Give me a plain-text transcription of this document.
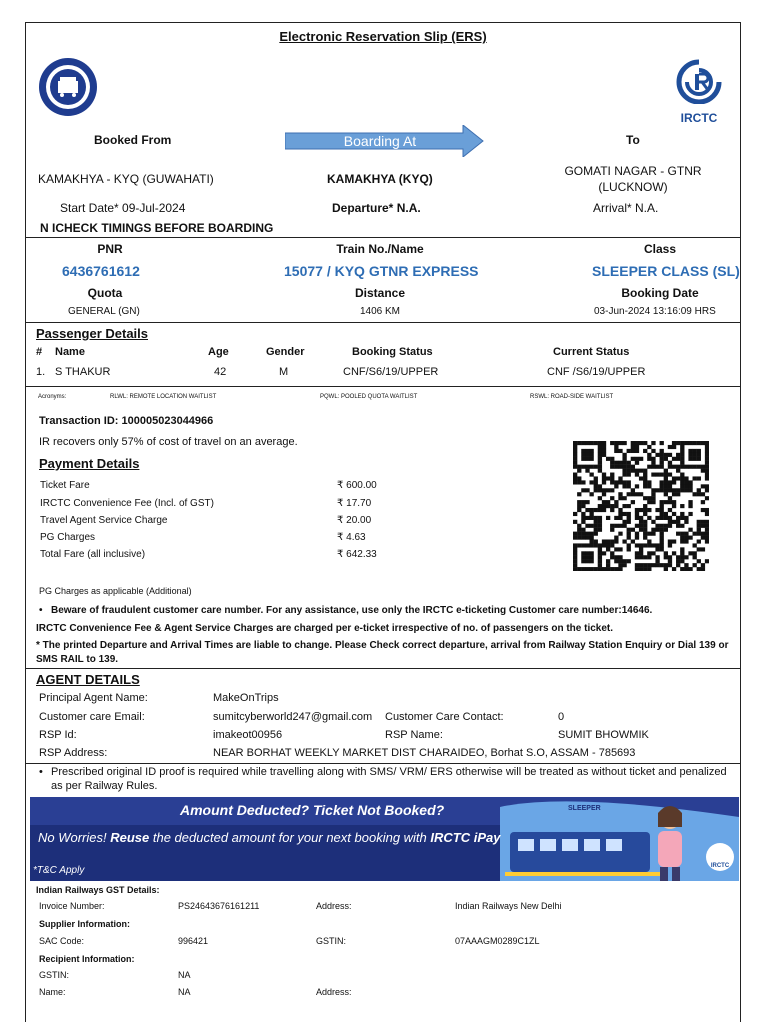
Electronic Reservation Slip (ERS)
IRCTC
Booked From	Boarding At	To
KAMAKHYA - KYQ (GUWAHATI)	KAMAKHYA (KYQ)
GOMATI NAGAR - GTNR (LUCKNOW)
Start Date* 09-Jul-2024	Departure* N.A.	Arrival* N.A.
N ICHECK TIMINGS BEFORE BOARDING
PNR	Train No./Name	Class
6436761612	15077 / KYQ GTNR EXPRESS	SLEEPER CLASS (SL)
Quota	Distance	Booking Date
GENERAL (GN)	1406 KM	03-Jun-2024 13:16:09 HRS
Passenger Details
# Name	Age	Gender	Booking Status	Current Status
1. S THAKUR	42	M	CNF/S6/19/UPPER	CNF /S6/19/UPPER
Acronyms:	RLWL: REMOTE LOCATION WAITLIST	PQWL: POOLED QUOTA WAITLIST	RSWL: ROAD-SIDE WAITLIST
Transaction ID: 100005023044966
IR recovers only 57% of cost of travel on an average.
Payment Details
Ticket Fare	₹ 600.00
IRCTC Convenience Fee (Incl. of GST)	₹ 17.70
Travel Agent Service Charge	₹ 20.00
PG Charges	₹ 4.63
Total Fare (all inclusive)	₹ 642.33
PG Charges as applicable (Additional)
• Beware of fraudulent customer care number. For any assistance, use only the IRCTC e-ticketing Customer care number:14646.
IRCTC Convenience Fee & Agent Service Charges are charged per e-ticket irrespective of no. of passengers on the ticket.
* The printed Departure and Arrival Times are liable to change. Please Check correct departure, arrival from Railway Station Enquiry or Dial 139 or SMS RAIL to 139.
AGENT DETAILS
Principal Agent Name:	MakeOnTrips
Customer care Email:	sumitcyberworld247@gmail.com Customer Care Contact:	0
RSP Id:	imakeot00956	RSP Name:	SUMIT BHOWMIK
RSP Address:	NEAR BORHAT WEEKLY MARKET DIST CHARAIDEO, Borhat S.O, ASSAM - 785693
• Prescribed original ID proof is required while travelling along with SMS/ VRM/ ERS otherwise will be treated as without ticket and penalized as per Railway Rules.
Amount Deducted? Ticket Not Booked?
No Worries! Reuse the deducted amount for your next booking with IRCTC iPay
*T&C Apply
SLEEPER
IRCTC
Indian Railways GST Details:
Invoice Number:	PS24643676161211	Address:	Indian Railways New Delhi
Supplier Information:
SAC Code:	996421	GSTIN:	07AAAGM0289C1ZL
Recipient Information:
GSTIN:	NA
Name:	NA	Address:
